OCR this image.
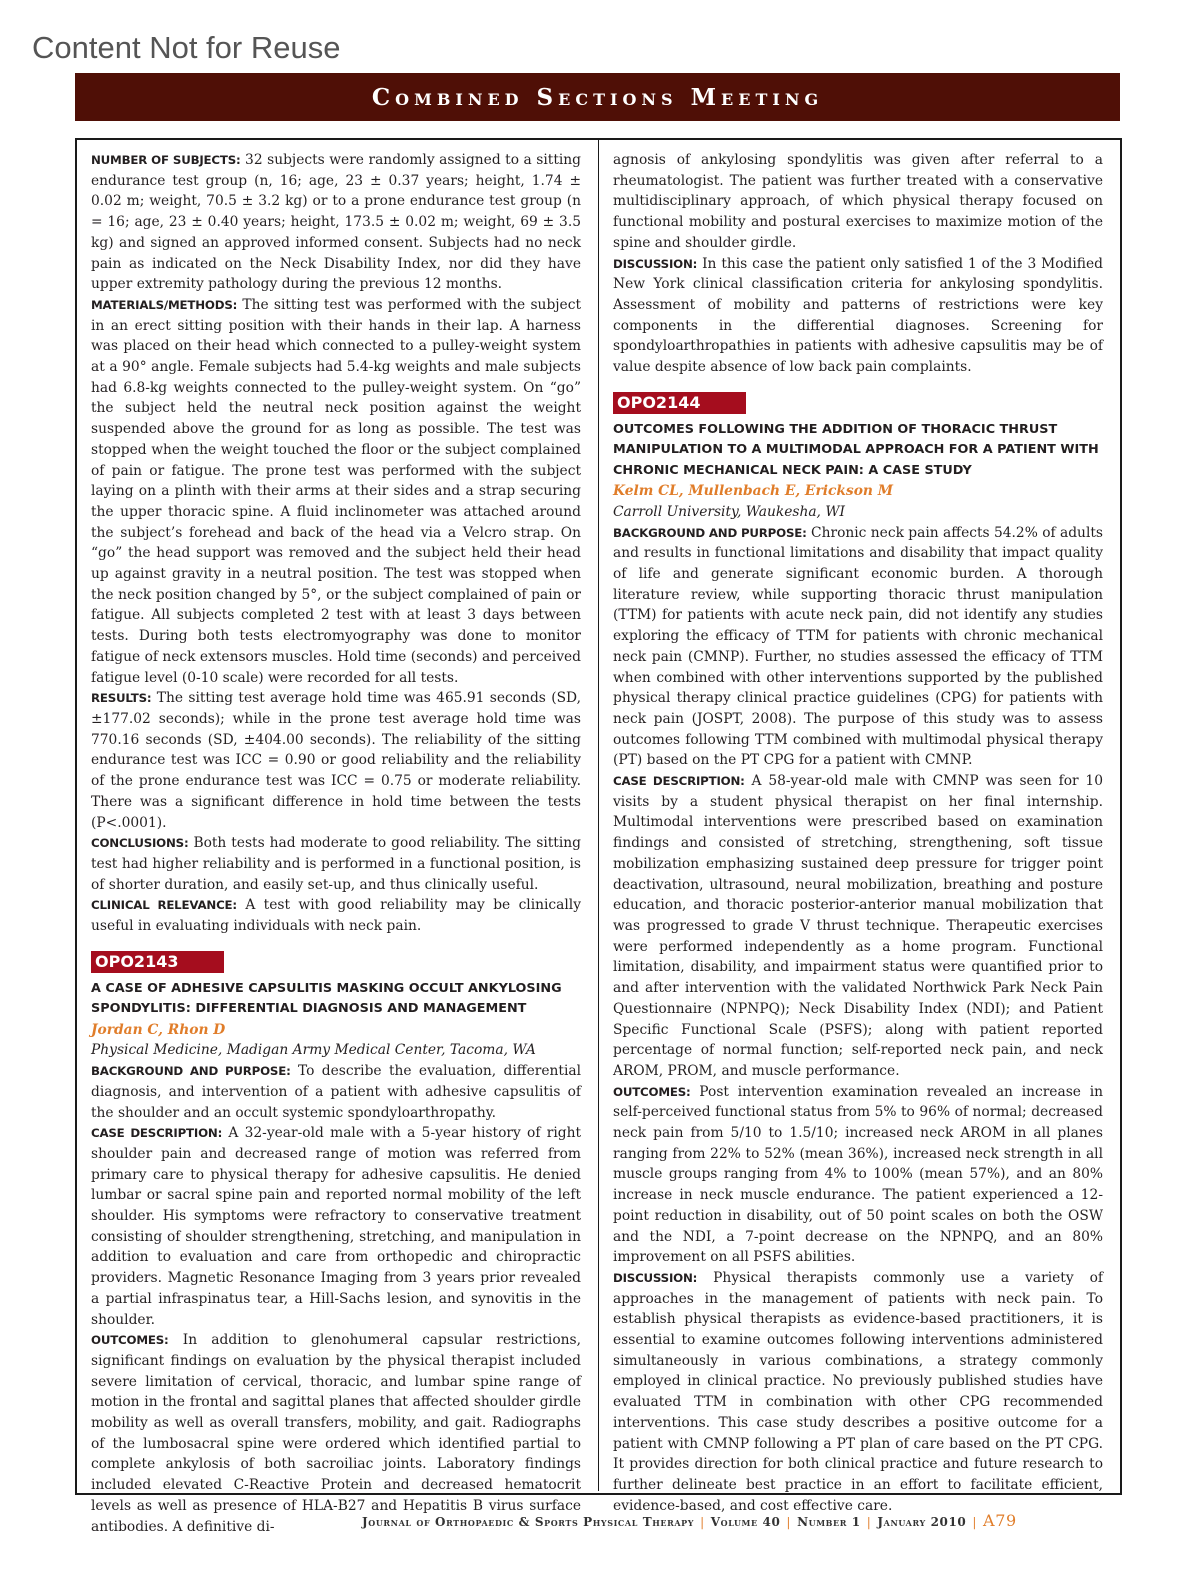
Content Not for Reuse
Combined Sections Meeting

NUMBER OF SUBJECTS: 32 subjects were randomly assigned to a sitting endurance test group (n, 16; age, 23 ± 0.37 years; height, 1.74 ± 0.02 m; weight, 70.5 ± 3.2 kg) or to a prone endurance test group (n = 16; age, 23 ± 0.40 years; height, 173.5 ± 0.02 m; weight, 69 ± 3.5 kg) and signed an approved informed consent. Subjects had no neck pain as indicated on the Neck Disability Index, nor did they have upper extremity pathology during the previous 12 months.

MATERIALS/METHODS: The sitting test was performed with the subject in an erect sitting position with their hands in their lap. A harness was placed on their head which connected to a pulley-weight system at a 90° angle. Female subjects had 5.4-kg weights and male subjects had 6.8-kg weights connected to the pulley-weight system. On “go” the subject held the neutral neck position against the weight suspended above the ground for as long as possible. The test was stopped when the weight touched the floor or the subject complained of pain or fatigue. The prone test was performed with the subject laying on a plinth with their arms at their sides and a strap securing the upper thoracic spine. A fluid inclinometer was attached around the subject’s forehead and back of the head via a Velcro strap. On “go” the head support was removed and the subject held their head up against gravity in a neutral position. The test was stopped when the neck position changed by 5°, or the subject complained of pain or fatigue. All subjects completed 2 test with at least 3 days between tests. During both tests electromyography was done to monitor fatigue of neck extensors muscles. Hold time (seconds) and perceived fatigue level (0-10 scale) were recorded for all tests.

RESULTS: The sitting test average hold time was 465.91 seconds (SD, ±177.02 seconds); while in the prone test average hold time was 770.16 seconds (SD, ±404.00 seconds). The reliability of the sitting endurance test was ICC = 0.90 or good reliability and the reliability of the prone endurance test was ICC = 0.75 or moderate reliability. There was a significant difference in hold time between the tests (P<.0001).

CONCLUSIONS: Both tests had moderate to good reliability. The sitting test had higher reliability and is performed in a functional position, is of shorter duration, and easily set-up, and thus clinically useful.

CLINICAL RELEVANCE: A test with good reliability may be clinically useful in evaluating individuals with neck pain.

OPO2143

A CASE OF ADHESIVE CAPSULITIS MASKING OCCULT ANKYLOSING SPONDYLITIS: DIFFERENTIAL DIAGNOSIS AND MANAGEMENT

Jordan C, Rhon D

Physical Medicine, Madigan Army Medical Center, Tacoma, WA

BACKGROUND AND PURPOSE: To describe the evaluation, differential diagnosis, and intervention of a patient with adhesive capsulitis of the shoulder and an occult systemic spondyloarthropathy.

CASE DESCRIPTION: A 32-year-old male with a 5-year history of right shoulder pain and decreased range of motion was referred from primary care to physical therapy for adhesive capsulitis. He denied lumbar or sacral spine pain and reported normal mobility of the left shoulder. His symptoms were refractory to conservative treatment consisting of shoulder strengthening, stretching, and manipulation in addition to evaluation and care from orthopedic and chiropractic providers. Magnetic Resonance Imaging from 3 years prior revealed a partial infraspinatus tear, a Hill-Sachs lesion, and synovitis in the shoulder.

OUTCOMES: In addition to glenohumeral capsular restrictions, significant findings on evaluation by the physical therapist included severe limitation of cervical, thoracic, and lumbar spine range of motion in the frontal and sagittal planes that affected shoulder girdle mobility as well as overall transfers, mobility, and gait. Radiographs of the lumbosacral spine were ordered which identified partial to complete ankylosis of both sacroiliac joints. Laboratory findings included elevated C-Reactive Protein and decreased hematocrit levels as well as presence of HLA-B27 and Hepatitis B virus surface antibodies. A definitive di-

agnosis of ankylosing spondylitis was given after referral to a rheumatologist. The patient was further treated with a conservative multidisciplinary approach, of which physical therapy focused on functional mobility and postural exercises to maximize motion of the spine and shoulder girdle.

DISCUSSION: In this case the patient only satisfied 1 of the 3 Modified New York clinical classification criteria for ankylosing spondylitis. Assessment of mobility and patterns of restrictions were key components in the differential diagnoses. Screening for spondyloarthropathies in patients with adhesive capsulitis may be of value despite absence of low back pain complaints.

OPO2144

OUTCOMES FOLLOWING THE ADDITION OF THORACIC THRUST MANIPULATION TO A MULTIMODAL APPROACH FOR A PATIENT WITH CHRONIC MECHANICAL NECK PAIN: A CASE STUDY

Kelm CL, Mullenbach E, Erickson M

Carroll University, Waukesha, WI

BACKGROUND AND PURPOSE: Chronic neck pain affects 54.2% of adults and results in functional limitations and disability that impact quality of life and generate significant economic burden. A thorough literature review, while supporting thoracic thrust manipulation (TTM) for patients with acute neck pain, did not identify any studies exploring the efficacy of TTM for patients with chronic mechanical neck pain (CMNP). Further, no studies assessed the efficacy of TTM when combined with other interventions supported by the published physical therapy clinical practice guidelines (CPG) for patients with neck pain (JOSPT, 2008). The purpose of this study was to assess outcomes following TTM combined with multimodal physical therapy (PT) based on the PT CPG for a patient with CMNP.

CASE DESCRIPTION: A 58-year-old male with CMNP was seen for 10 visits by a student physical therapist on her final internship. Multimodal interventions were prescribed based on examination findings and consisted of stretching, strengthening, soft tissue mobilization emphasizing sustained deep pressure for trigger point deactivation, ultrasound, neural mobilization, breathing and posture education, and thoracic posterior-anterior manual mobilization that was progressed to grade V thrust technique. Therapeutic exercises were performed independently as a home program. Functional limitation, disability, and impairment status were quantified prior to and after intervention with the validated Northwick Park Neck Pain Questionnaire (NPNPQ); Neck Disability Index (NDI); and Patient Specific Functional Scale (PSFS); along with patient reported percentage of normal function; self-reported neck pain, and neck AROM, PROM, and muscle performance.

OUTCOMES: Post intervention examination revealed an increase in self-perceived functional status from 5% to 96% of normal; decreased neck pain from 5/10 to 1.5/10; increased neck AROM in all planes ranging from 22% to 52% (mean 36%), increased neck strength in all muscle groups ranging from 4% to 100% (mean 57%), and an 80% increase in neck muscle endurance. The patient experienced a 12-point reduction in disability, out of 50 point scales on both the OSW and the NDI, a 7-point decrease on the NPNPQ, and an 80% improvement on all PSFS abilities.

DISCUSSION: Physical therapists commonly use a variety of approaches in the management of patients with neck pain. To establish physical therapists as evidence-based practitioners, it is essential to examine outcomes following interventions administered simultaneously in various combinations, a strategy commonly employed in clinical practice. No previously published studies have evaluated TTM in combination with other CPG recommended interventions. This case study describes a positive outcome for a patient with CMNP following a PT plan of care based on the PT CPG. It provides direction for both clinical practice and future research to further delineate best practice in an effort to facilitate efficient, evidence-based, and cost effective care.

Journal of Orthopaedic & Sports Physical Therapy | Volume 40 | Number 1 | January 2010 | A79
